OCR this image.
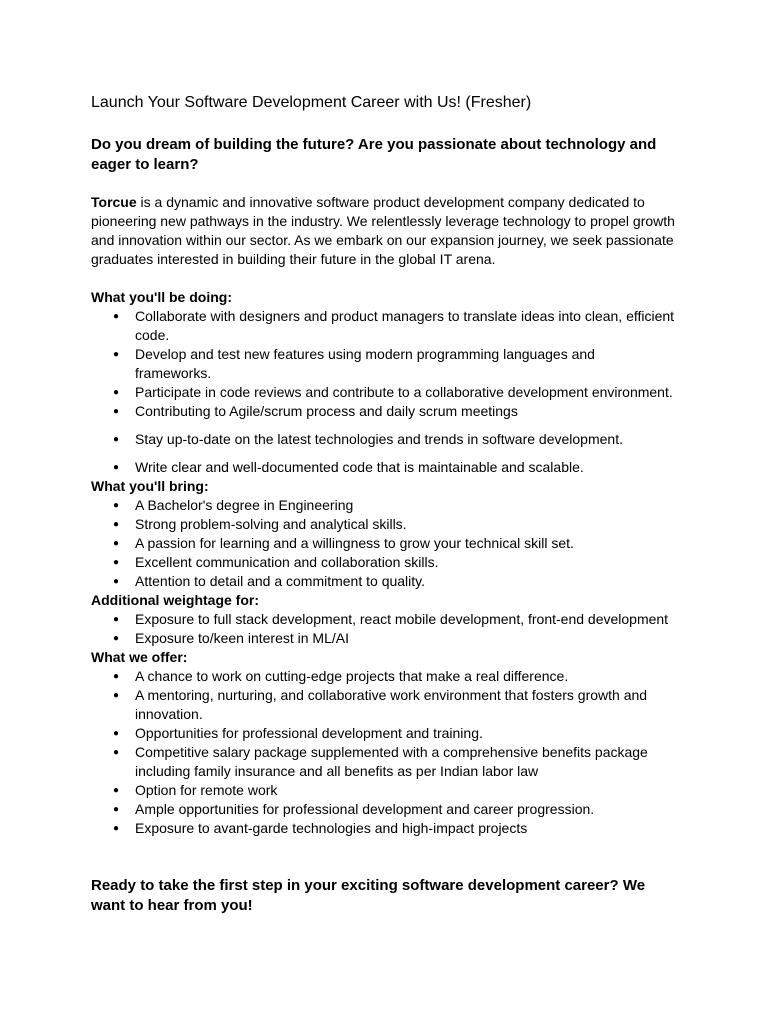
Launch Your Software Development Career with Us! (Fresher)
Do you dream of building the future? Are you passionate about technology and eager to learn?

Torcue is a dynamic and innovative software product development company dedicated to pioneering new pathways in the industry. We relentlessly leverage technology to propel growth and innovation within our sector. As we embark on our expansion journey, we seek passionate graduates interested in building their future in the global IT arena.

What you'll be doing:
● Collaborate with designers and product managers to translate ideas into clean, efficient code.
● Develop and test new features using modern programming languages and frameworks.
● Participate in code reviews and contribute to a collaborative development environment.
● Contributing to Agile/scrum process and daily scrum meetings
● Stay up-to-date on the latest technologies and trends in software development.
● Write clear and well-documented code that is maintainable and scalable.
What you'll bring:
● A Bachelor's degree in Engineering
● Strong problem-solving and analytical skills.
● A passion for learning and a willingness to grow your technical skill set.
● Excellent communication and collaboration skills.
● Attention to detail and a commitment to quality.
Additional weightage for:
● Exposure to full stack development, react mobile development, front-end development
● Exposure to/keen interest in ML/AI
What we offer:
● A chance to work on cutting-edge projects that make a real difference.
● A mentoring, nurturing, and collaborative work environment that fosters growth and innovation.
● Opportunities for professional development and training.
● Competitive salary package supplemented with a comprehensive benefits package including family insurance and all benefits as per Indian labor law
● Option for remote work
● Ample opportunities for professional development and career progression.
● Exposure to avant-garde technologies and high-impact projects
Ready to take the first step in your exciting software development career? We want to hear from you!
